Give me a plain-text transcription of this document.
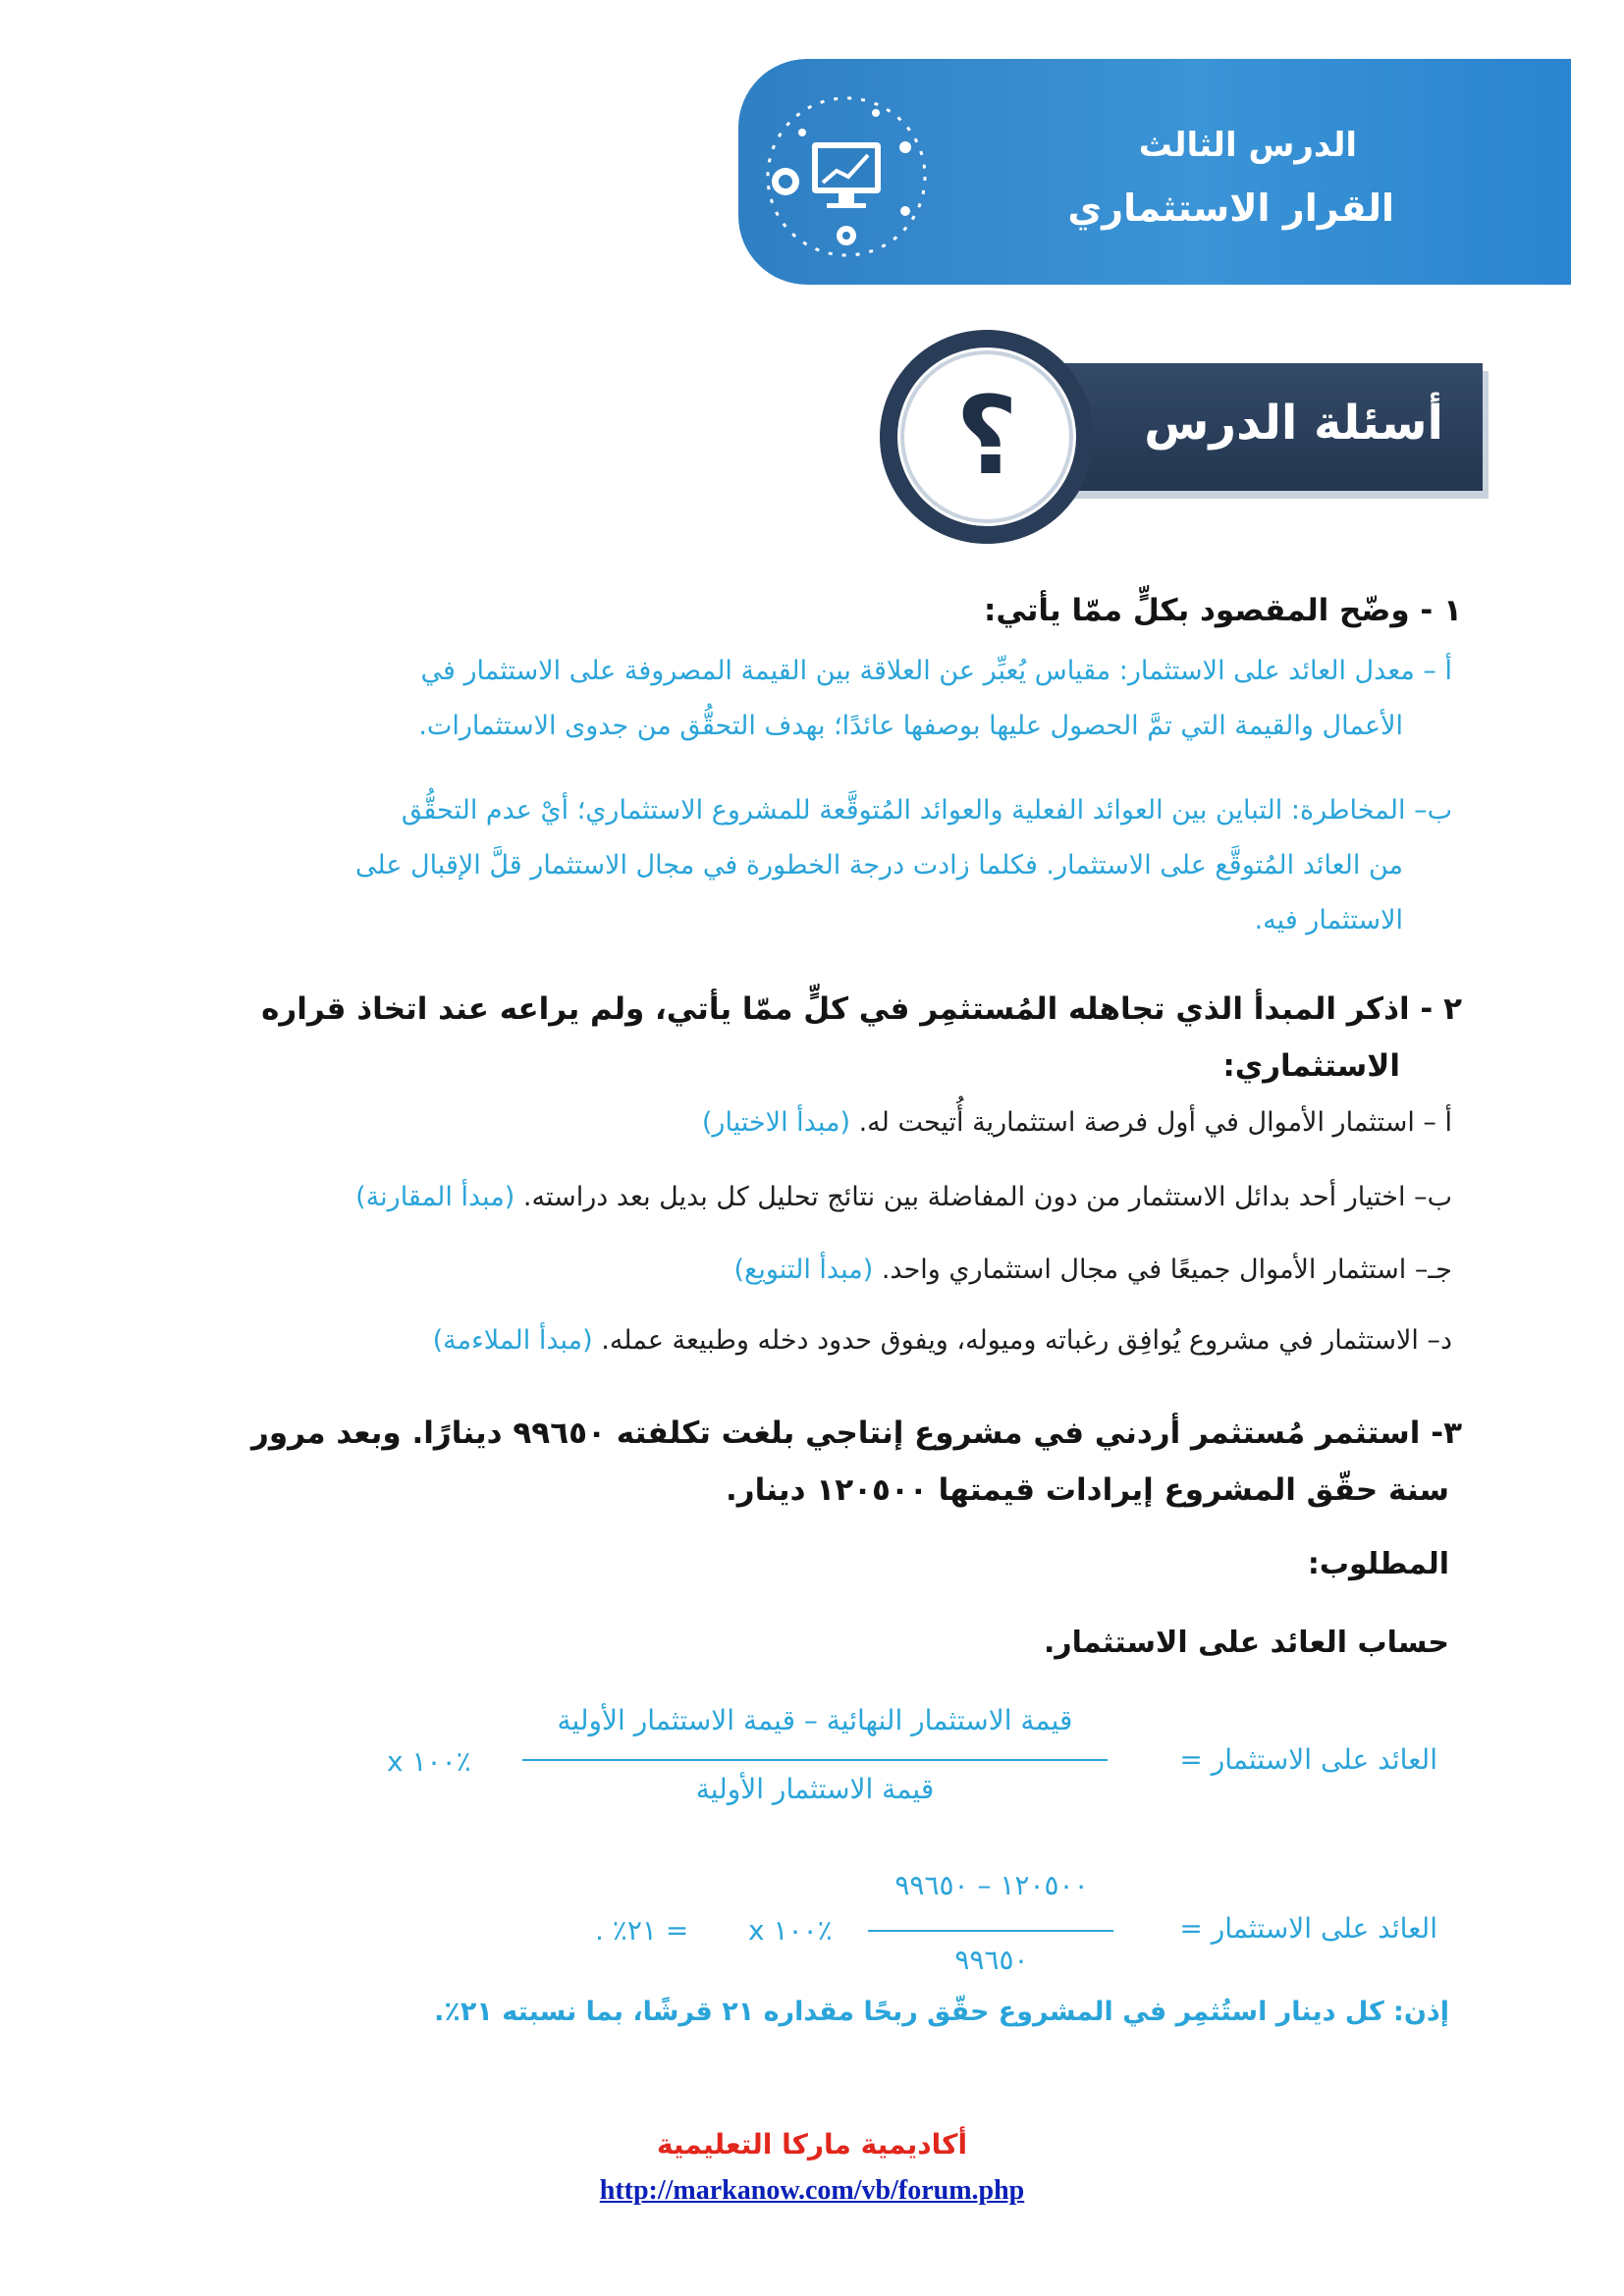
الدرس الثالث
القرار الاستثماري
أسئلة الدرس
؟
١ - وضّح المقصود بكلٍّ ممّا يأتي:
أ – معدل العائد على الاستثمار: مقياس يُعبِّر عن العلاقة بين القيمة المصروفة على الاستثمار في
الأعمال والقيمة التي تمَّ الحصول عليها بوصفها عائدًا؛ بهدف التحقُّق من جدوى الاستثمارات.
ب– المخاطرة: التباين بين العوائد الفعلية والعوائد المُتوقَّعة للمشروع الاستثماري؛ أيْ عدم التحقُّق
من العائد المُتوقَّع على الاستثمار. فكلما زادت درجة الخطورة في مجال الاستثمار قلَّ الإقبال على
الاستثمار فيه.
٢ - اذكر المبدأ الذي تجاهله المُستثمِر في كلٍّ ممّا يأتي، ولم يراعه عند اتخاذ قراره
الاستثماري:
أ – استثمار الأموال في أول فرصة استثمارية أُتيحت له. (مبدأ الاختيار)
ب– اختيار أحد بدائل الاستثمار من دون المفاضلة بين نتائج تحليل كل بديل بعد دراسته. (مبدأ المقارنة)
جـ– استثمار الأموال جميعًا في مجال استثماري واحد. (مبدأ التنويع)
د– الاستثمار في مشروع يُوافِق رغباته وميوله، ويفوق حدود دخله وطبيعة عمله. (مبدأ الملاءمة)
٣- استثمر مُستثمر أردني في مشروع إنتاجي بلغت تكلفته ٩٩٦٥٠ دينارًا. وبعد مرور
سنة حقّق المشروع إيرادات قيمتها ١٢٠٥٠٠ دينار.
المطلوب:
حساب العائد على الاستثمار.
العائد على الاستثمار =
قيمة الاستثمار النهائية – قيمة الاستثمار الأولية
قيمة الاستثمار الأولية
x ١٠٠٪
العائد على الاستثمار =
١٢٠٥٠٠ – ٩٩٦٥٠
٩٩٦٥٠
x ١٠٠٪
= ٢١٪ .
إذن: كل دينار استُثمِر في المشروع حقّق ربحًا مقداره ٢١ قرشًا، بما نسبته ٢١٪.
أكاديمية ماركا التعليمية
http://markanow.com/vb/forum.php
